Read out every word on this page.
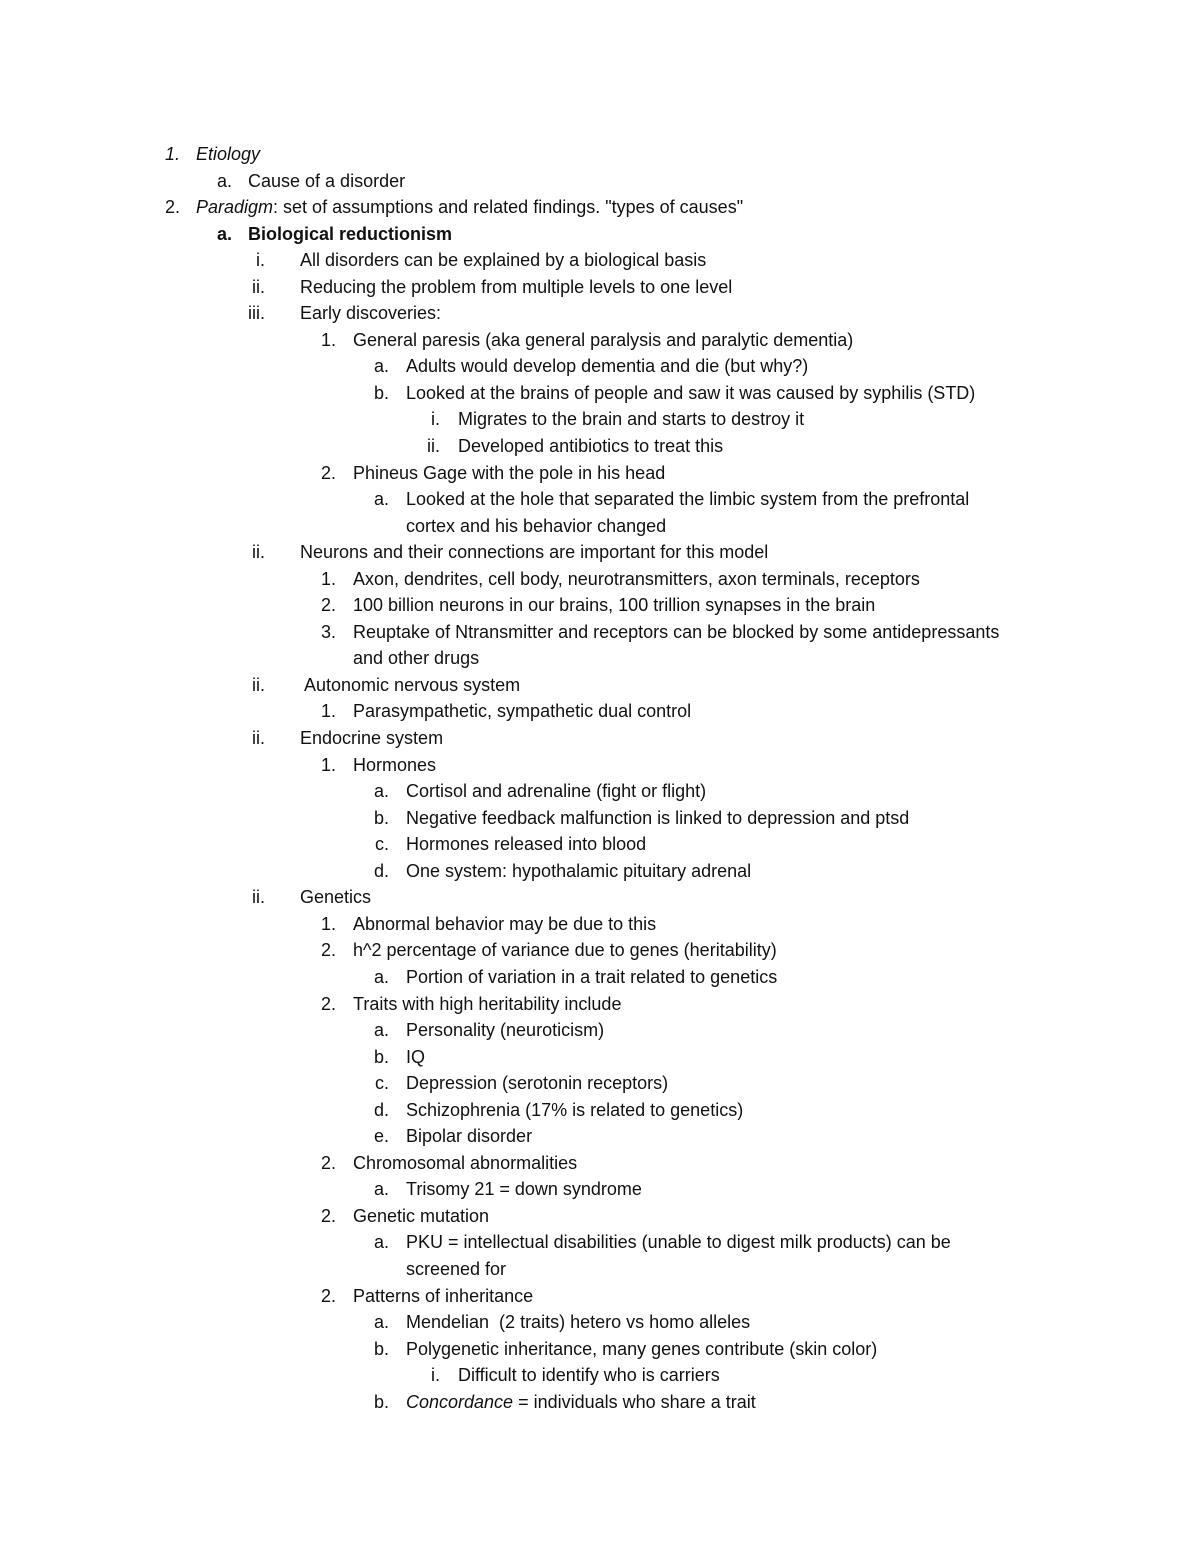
1. Etiology
a. Cause of a disorder
2. Paradigm: set of assumptions and related findings. "types of causes"
a. Biological reductionism
i. All disorders can be explained by a biological basis
ii. Reducing the problem from multiple levels to one level
iii. Early discoveries:
1. General paresis (aka general paralysis and paralytic dementia)
a. Adults would develop dementia and die (but why?)
b. Looked at the brains of people and saw it was caused by syphilis (STD)
i. Migrates to the brain and starts to destroy it
ii. Developed antibiotics to treat this
2. Phineus Gage with the pole in his head
a. Looked at the hole that separated the limbic system from the prefrontal
cortex and his behavior changed
ii. Neurons and their connections are important for this model
1. Axon, dendrites, cell body, neurotransmitters, axon terminals, receptors
2. 100 billion neurons in our brains, 100 trillion synapses in the brain
3. Reuptake of Ntransmitter and receptors can be blocked by some antidepressants
and other drugs
ii. Autonomic nervous system
1. Parasympathetic, sympathetic dual control
ii. Endocrine system
1. Hormones
a. Cortisol and adrenaline (fight or flight)
b. Negative feedback malfunction is linked to depression and ptsd
c. Hormones released into blood
d. One system: hypothalamic pituitary adrenal
ii. Genetics
1. Abnormal behavior may be due to this
2. h^2 percentage of variance due to genes (heritability)
a. Portion of variation in a trait related to genetics
2. Traits with high heritability include
a. Personality (neuroticism)
b. IQ
c. Depression (serotonin receptors)
d. Schizophrenia (17% is related to genetics)
e. Bipolar disorder
2. Chromosomal abnormalities
a. Trisomy 21 = down syndrome
2. Genetic mutation
a. PKU = intellectual disabilities (unable to digest milk products) can be
screened for
2. Patterns of inheritance
a. Mendelian  (2 traits) hetero vs homo alleles
b. Polygenetic inheritance, many genes contribute (skin color)
i. Difficult to identify who is carriers
b. Concordance = individuals who share a trait
